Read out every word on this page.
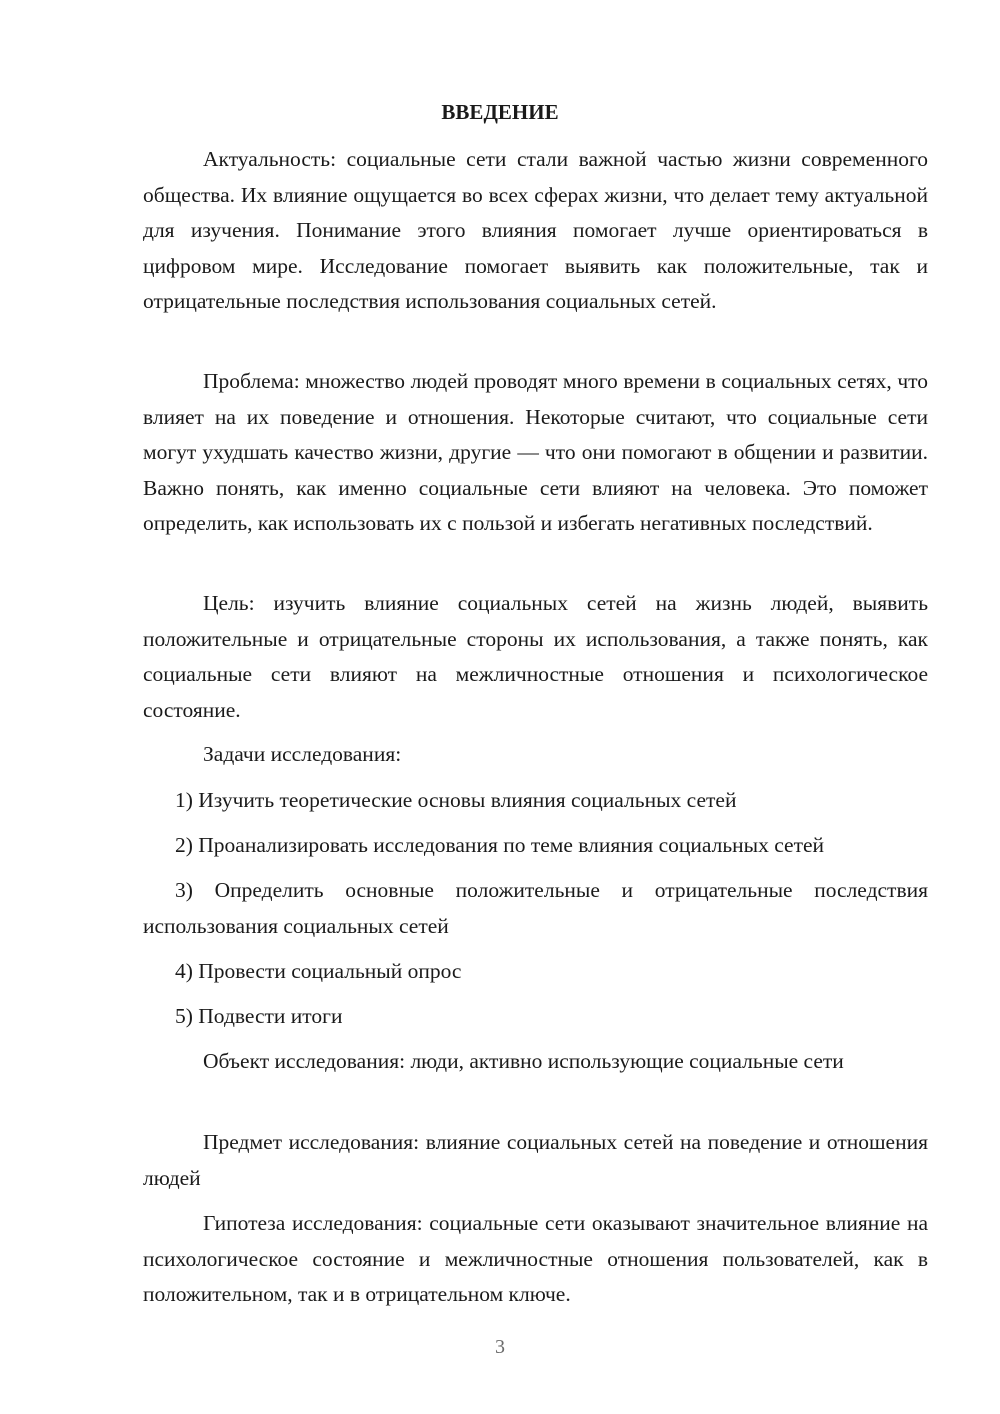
ВВЕДЕНИЕ

Актуальность: социальные сети стали важной частью жизни современного общества. Их влияние ощущается во всех сферах жизни, что делает тему актуальной для изучения. Понимание этого влияния помогает лучше ориентироваться в цифровом мире. Исследование помогает выявить как положительные, так и отрицательные последствия использования социальных сетей.

Проблема: множество людей проводят много времени в социальных сетях, что влияет на их поведение и отношения. Некоторые считают, что социальные сети могут ухудшать качество жизни, другие — что они помогают в общении и развитии. Важно понять, как именно социальные сети влияют на человека. Это поможет определить, как использовать их с пользой и избегать негативных последствий.

Цель: изучить влияние социальных сетей на жизнь людей, выявить положительные и отрицательные стороны их использования, а также понять, как социальные сети влияют на межличностные отношения и психологическое состояние.

Задачи исследования:

1) Изучить теоретические основы влияния социальных сетей

2) Проанализировать исследования по теме влияния социальных сетей

3) Определить основные положительные и отрицательные последствия использования социальных сетей

4) Провести социальный опрос

5) Подвести итоги

Объект исследования: люди, активно использующие социальные сети

Предмет исследования: влияние социальных сетей на поведение и отношения людей

Гипотеза исследования: социальные сети оказывают значительное влияние на психологическое состояние и межличностные отношения пользователей, как в положительном, так и в отрицательном ключе.

3
